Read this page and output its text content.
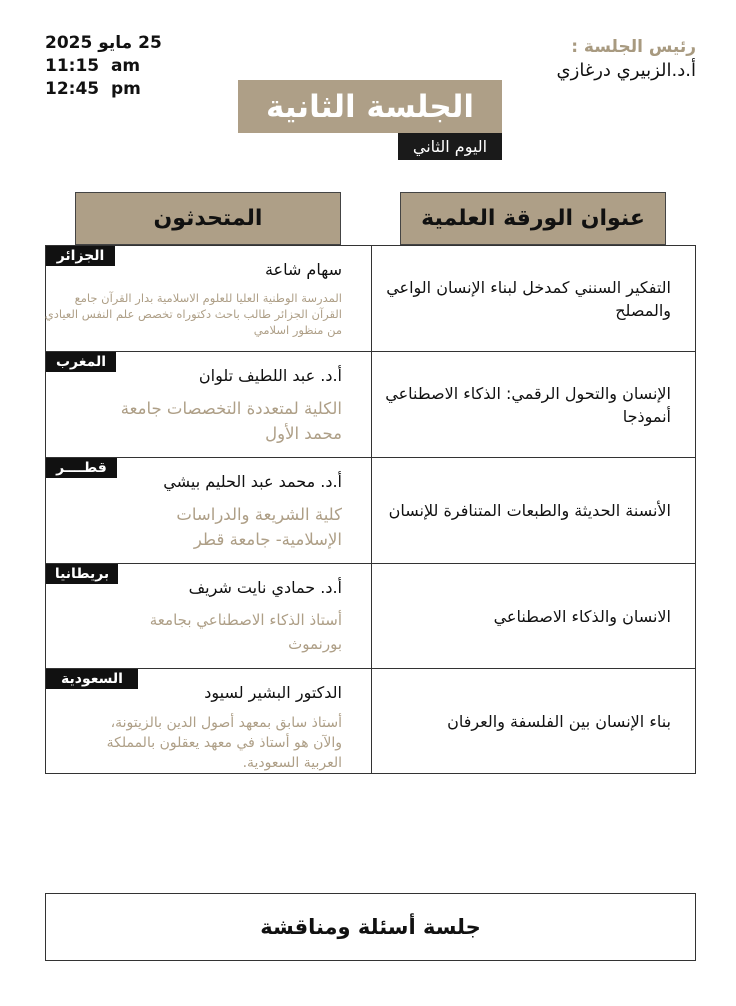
25 مايو 2025
11:15  am
12:45  pm
رئيس الجلسة :
أ.د.الزبيري درغازي
الجلسة الثانية
اليوم الثاني
المتحدثون	عنوان الورقة العلمية
الجزائر
سهام شاعة
المدرسة الوطنية العليا للعلوم الاسلامية بدار القرآن جامع القرآن الجزائر طالب باحث دكتوراه تخصص علم النفس العيادي من منظور اسلامي
التفكير السنني كمدخل لبناء الإنسان الواعي والمصلح
المغرب
أ.د. عبد اللطيف تلوان
الكلية لمتعددة التخصصات جامعة محمد الأول
الإنسان والتحول الرقمي: الذكاء الاصطناعي أنموذجا
قطــــر
أ.د. محمد عبد الحليم بيشي
كلية الشريعة والدراسات الإسلامية- جامعة قطر
الأنسنة الحديثة والطبعات المتنافرة للإنسان
بريطانيا
أ.د. حمادي نايت شريف
أستاذ الذكاء الاصطناعي بجامعة بورنموث
الانسان والذكاء الاصطناعي
السعودية
الدكتور البشير لسيود
أستاذ سابق بمعهد أصول الدين بالزيتونة، والآن هو أستاذ في معهد يعقلون بالمملكة العربية السعودية.
بناء الإنسان بين الفلسفة والعرفان
جلسة أسئلة ومناقشة
